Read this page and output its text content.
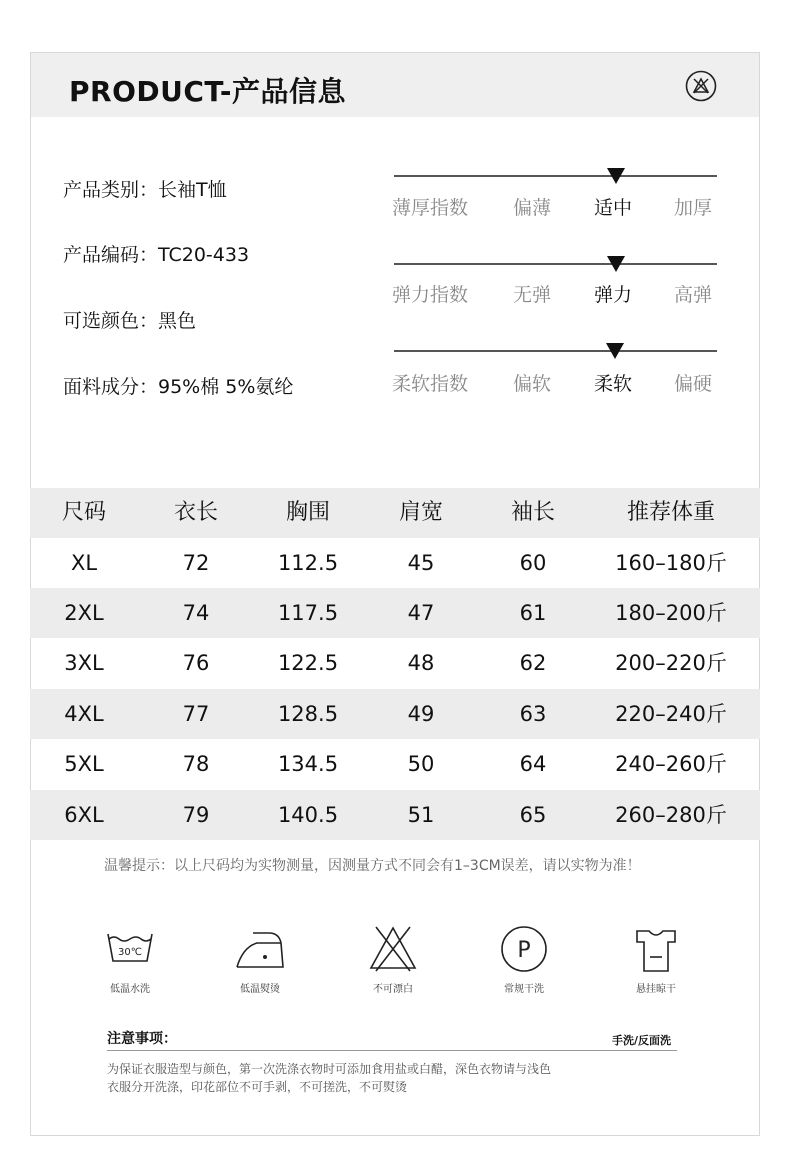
PRODUCT-产品信息
产品类别：长袖T恤
产品编码：TC20-433
可选颜色：黑色
面料成分：95%棉 5%氨纶
薄厚指数 偏薄 适中 加厚
弹力指数 无弹 弹力 高弹
柔软指数 偏软 柔软 偏硬
尺码	衣长	胸围	肩宽	袖长	推荐体重
XL	72	112.5	45	60	160–180斤
2XL	74	117.5	47	61	180–200斤
3XL	76	122.5	48	62	200–220斤
4XL	77	128.5	49	63	220–240斤
5XL	78	134.5	50	64	240–260斤
6XL	79	140.5	51	65	260–280斤
温馨提示：以上尺码均为实物测量，因测量方式不同会有1–3CM误差，请以实物为准！
30℃
低温水洗	低温熨烫	不可漂白
P
常规干洗	悬挂晾干
注意事项：	手洗/反面洗
为保证衣服造型与颜色，第一次洗涤衣物时可添加食用盐或白醋，深色衣物请与浅色
衣服分开洗涤，印花部位不可手剥，不可搓洗，不可熨烫
